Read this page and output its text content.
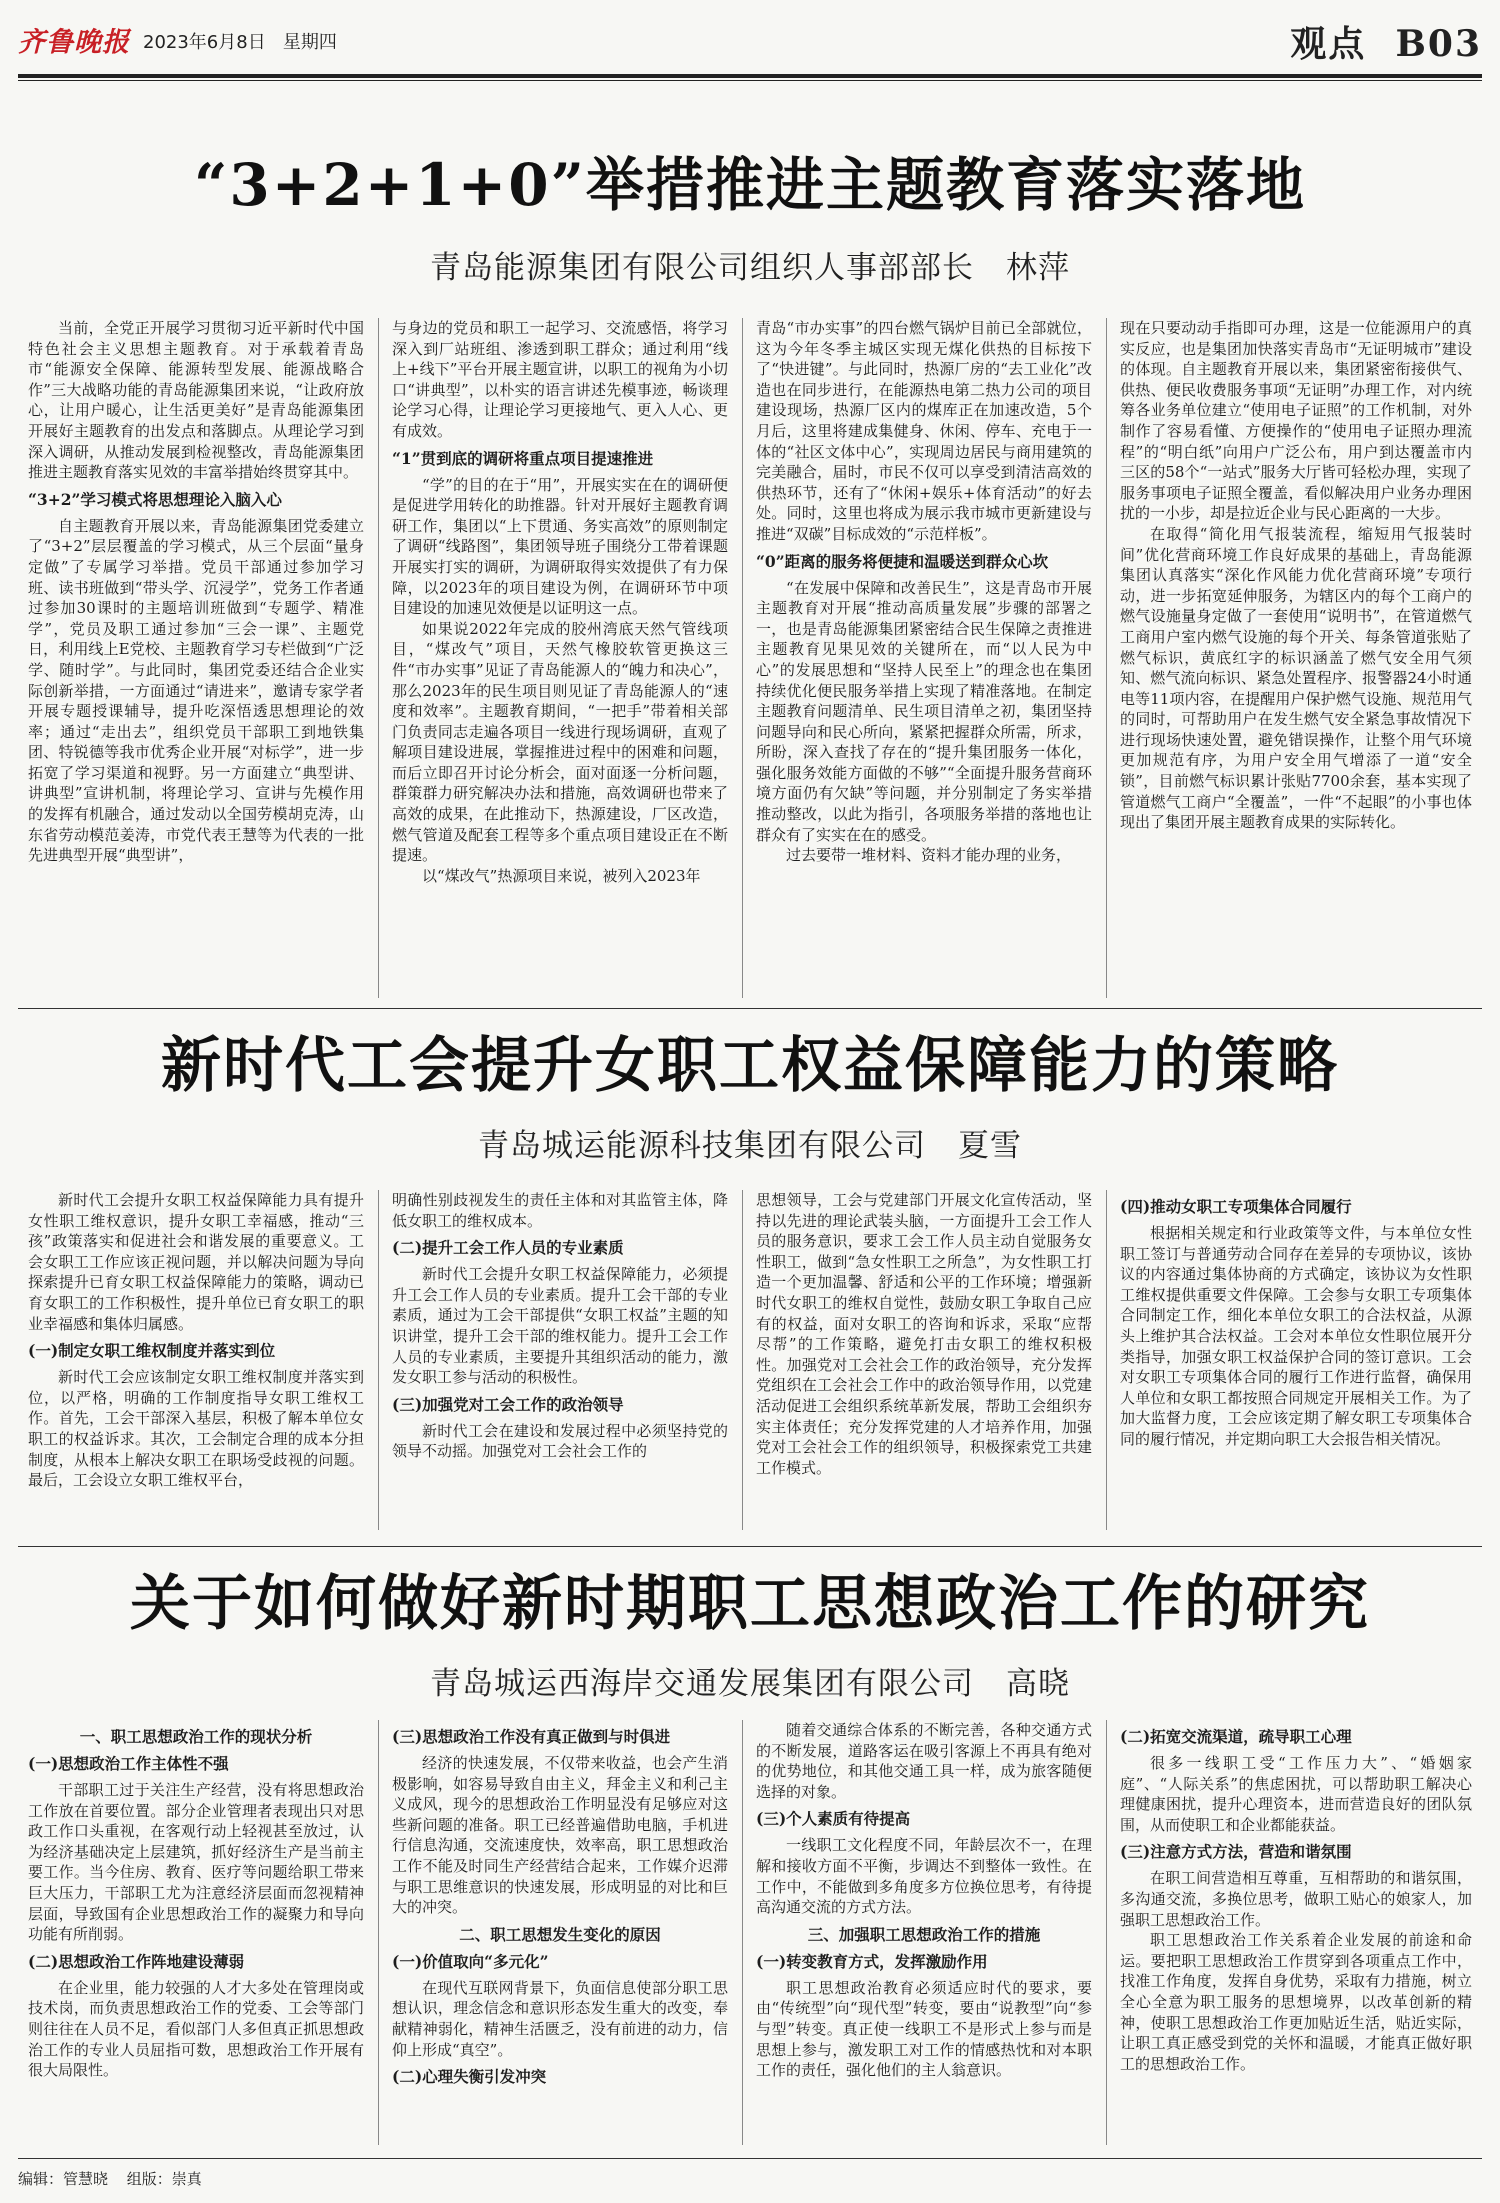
齐鲁晚报 2023年6月8日 星期四	观点 B03
“3+2+1+0”举措推进主题教育落实落地
青岛能源集团有限公司组织人事部部长　林萍

当前，全党正开展学习贯彻习近平新时代中国特色社会主义思想主题教育。对于承载着青岛市“能源安全保障、能源转型发展、能源战略合作”三大战略功能的青岛能源集团来说，“让政府放心，让用户暖心，让生活更美好”是青岛能源集团开展好主题教育的出发点和落脚点。从理论学习到深入调研，从推动发展到检视整改，青岛能源集团推进主题教育落实见效的丰富举措始终贯穿其中。

“3+2”学习模式将思想理论入脑入心

自主题教育开展以来，青岛能源集团党委建立了“3+2”层层覆盖的学习模式，从三个层面“量身定做”了专属学习举措。党员干部通过参加学习班、读书班做到“带头学、沉浸学”，党务工作者通过参加30课时的主题培训班做到“专题学、精准学”，党员及职工通过参加“三会一课”、主题党日，利用线上E党校、主题教育学习专栏做到“广泛学、随时学”。与此同时，集团党委还结合企业实际创新举措，一方面通过“请进来”，邀请专家学者开展专题授课辅导，提升吃深悟透思想理论的效率；通过“走出去”，组织党员干部职工到地铁集团、特锐德等我市优秀企业开展“对标学”，进一步拓宽了学习渠道和视野。另一方面建立“典型讲、讲典型”宣讲机制，将理论学习、宣讲与先模作用的发挥有机融合，通过发动以全国劳模胡克涛，山东省劳动模范姜涛，市党代表王慧等为代表的一批先进典型开展“典型讲”，

与身边的党员和职工一起学习、交流感悟，将学习深入到厂站班组、渗透到职工群众；通过利用“线上+线下”平台开展主题宣讲，以职工的视角为小切口“讲典型”，以朴实的语言讲述先模事迹，畅谈理论学习心得，让理论学习更接地气、更入人心、更有成效。

“1”贯到底的调研将重点项目提速推进

“学”的目的在于“用”，开展实实在在的调研便是促进学用转化的助推器。针对开展好主题教育调研工作，集团以“上下贯通、务实高效”的原则制定了调研“线路图”，集团领导班子围绕分工带着课题开展实打实的调研，为调研取得实效提供了有力保障，以2023年的项目建设为例，在调研环节中项目建设的加速见效便是以证明这一点。

如果说2022年完成的胶州湾底天然气管线项目，“煤改气”项目，天然气橡胶软管更换这三件“市办实事”见证了青岛能源人的“魄力和决心”，那么2023年的民生项目则见证了青岛能源人的“速度和效率”。主题教育期间，“一把手”带着相关部门负责同志走遍各项目一线进行现场调研，直观了解项目建设进展，掌握推进过程中的困难和问题，而后立即召开讨论分析会，面对面逐一分析问题，群策群力研究解决办法和措施，高效调研也带来了高效的成果，在此推动下，热源建设，厂区改造，燃气管道及配套工程等多个重点项目建设正在不断提速。

以“煤改气”热源项目来说，被列入2023年

青岛“市办实事”的四台燃气锅炉目前已全部就位，这为今年冬季主城区实现无煤化供热的目标按下了“快进键”。与此同时，热源厂房的“去工业化”改造也在同步进行，在能源热电第二热力公司的项目建设现场，热源厂区内的煤库正在加速改造，5个月后，这里将建成集健身、休闲、停车、充电于一体的“社区文体中心”，实现周边居民与商用建筑的完美融合，届时，市民不仅可以享受到清洁高效的供热环节，还有了“休闲+娱乐+体育活动”的好去处。同时，这里也将成为展示我市城市更新建设与推进“双碳”目标成效的“示范样板”。

“0”距离的服务将便捷和温暖送到群众心坎

“在发展中保障和改善民生”，这是青岛市开展主题教育对开展“推动高质量发展”步骤的部署之一，也是青岛能源集团紧密结合民生保障之责推进主题教育见果见效的关键所在，而“以人民为中心”的发展思想和“坚持人民至上”的理念也在集团持续优化便民服务举措上实现了精准落地。在制定主题教育问题清单、民生项目清单之初，集团坚持问题导向和民心所向，紧紧把握群众所需，所求，所盼，深入查找了存在的“提升集团服务一体化，强化服务效能方面做的不够”“全面提升服务营商环境方面仍有欠缺”等问题，并分别制定了务实举措推动整改，以此为指引，各项服务举措的落地也让群众有了实实在在的感受。

过去要带一堆材料、资料才能办理的业务，

现在只要动动手指即可办理，这是一位能源用户的真实反应，也是集团加快落实青岛市“无证明城市”建设的体现。自主题教育开展以来，集团紧密衔接供气、供热、便民收费服务事项“无证明”办理工作，对内统筹各业务单位建立“使用电子证照”的工作机制，对外制作了容易看懂、方便操作的“使用电子证照办理流程”的“明白纸”向用户广泛公布，用户到达覆盖市内三区的58个“一站式”服务大厅皆可轻松办理，实现了服务事项电子证照全覆盖，看似解决用户业务办理困扰的一小步，却是拉近企业与民心距离的一大步。

在取得“简化用气报装流程，缩短用气报装时间”优化营商环境工作良好成果的基础上，青岛能源集团认真落实“深化作风能力优化营商环境”专项行动，进一步拓宽延伸服务，为辖区内的每个工商户的燃气设施量身定做了一套使用“说明书”，在管道燃气工商用户室内燃气设施的每个开关、每条管道张贴了燃气标识，黄底红字的标识涵盖了燃气安全用气须知、燃气流向标识、紧急处置程序、报警器24小时通电等11项内容，在提醒用户保护燃气设施、规范用气的同时，可帮助用户在发生燃气安全紧急事故情况下进行现场快速处置，避免错误操作，让整个用气环境更加规范有序，为用户安全用气增添了一道“安全锁”，目前燃气标识累计张贴7700余套，基本实现了管道燃气工商户“全覆盖”，一件“不起眼”的小事也体现出了集团开展主题教育成果的实际转化。

新时代工会提升女职工权益保障能力的策略
青岛城运能源科技集团有限公司　夏雪

新时代工会提升女职工权益保障能力具有提升女性职工维权意识，提升女职工幸福感，推动“三孩”政策落实和促进社会和谐发展的重要意义。工会女职工工作应该正视问题，并以解决问题为导向探索提升已育女职工权益保障能力的策略，调动已育女职工的工作积极性，提升单位已育女职工的职业幸福感和集体归属感。

(一)制定女职工维权制度并落实到位

新时代工会应该制定女职工维权制度并落实到位，以严格，明确的工作制度指导女职工维权工作。首先，工会干部深入基层，积极了解本单位女职工的权益诉求。其次，工会制定合理的成本分担制度，从根本上解决女职工在职场受歧视的问题。最后，工会设立女职工维权平台，

明确性别歧视发生的责任主体和对其监管主体，降低女职工的维权成本。

(二)提升工会工作人员的专业素质

新时代工会提升女职工权益保障能力，必须提升工会工作人员的专业素质。提升工会干部的专业素质，通过为工会干部提供“女职工权益”主题的知识讲堂，提升工会干部的维权能力。提升工会工作人员的专业素质，主要提升其组织活动的能力，激发女职工参与活动的积极性。

(三)加强党对工会工作的政治领导

新时代工会在建设和发展过程中必须坚持党的领导不动摇。加强党对工会社会工作的

思想领导，工会与党建部门开展文化宣传活动，坚持以先进的理论武装头脑，一方面提升工会工作人员的服务意识，要求工会工作人员主动自觉服务女性职工，做到“急女性职工之所急”，为女性职工打造一个更加温馨、舒适和公平的工作环境；增强新时代女职工的维权自觉性，鼓励女职工争取自己应有的权益，面对女职工的咨询和诉求，采取“应帮尽帮”的工作策略，避免打击女职工的维权积极性。加强党对工会社会工作的政治领导，充分发挥党组织在工会社会工作中的政治领导作用，以党建活动促进工会组织系统革新发展，帮助工会组织夯实主体责任；充分发挥党建的人才培养作用，加强党对工会社会工作的组织领导，积极探索党工共建工作模式。

(四)推动女职工专项集体合同履行

根据相关规定和行业政策等文件，与本单位女性职工签订与普通劳动合同存在差异的专项协议，该协议的内容通过集体协商的方式确定，该协议为女性职工维权提供重要文件保障。工会参与女职工专项集体合同制定工作，细化本单位女职工的合法权益，从源头上维护其合法权益。工会对本单位女性职位展开分类指导，加强女职工权益保护合同的签订意识。工会对女职工专项集体合同的履行工作进行监督，确保用人单位和女职工都按照合同规定开展相关工作。为了加大监督力度，工会应该定期了解女职工专项集体合同的履行情况，并定期向职工大会报告相关情况。

关于如何做好新时期职工思想政治工作的研究
青岛城运西海岸交通发展集团有限公司　高晓
一、职工思想政治工作的现状分析
(一)思想政治工作主体性不强

干部职工过于关注生产经营，没有将思想政治工作放在首要位置。部分企业管理者表现出只对思政工作口头重视，在客观行动上轻视甚至放过，认为经济基础决定上层建筑，抓好经济生产是当前主要工作。当今住房、教育、医疗等问题给职工带来巨大压力，干部职工尤为注意经济层面而忽视精神层面，导致国有企业思想政治工作的凝聚力和导向功能有所削弱。

(二)思想政治工作阵地建设薄弱

在企业里，能力较强的人才大多处在管理岗或技术岗，而负责思想政治工作的党委、工会等部门则往往在人员不足，看似部门人多但真正抓思想政治工作的专业人员屈指可数，思想政治工作开展有很大局限性。

(三)思想政治工作没有真正做到与时俱进

经济的快速发展，不仅带来收益，也会产生消极影响，如容易导致自由主义，拜金主义和利己主义成风，现今的思想政治工作明显没有足够应对这些新问题的准备。职工已经普遍借助电脑，手机进行信息沟通，交流速度快，效率高，职工思想政治工作不能及时同生产经营结合起来，工作媒介迟滞与职工思维意识的快速发展，形成明显的对比和巨大的冲突。

二、职工思想发生变化的原因
(一)价值取向“多元化”

在现代互联网背景下，负面信息使部分职工思想认识，理念信念和意识形态发生重大的改变，奉献精神弱化，精神生活匮乏，没有前进的动力，信仰上形成“真空”。

(二)心理失衡引发冲突

随着交通综合体系的不断完善，各种交通方式的不断发展，道路客运在吸引客源上不再具有绝对的优势地位，和其他交通工具一样，成为旅客随便选择的对象。

(三)个人素质有待提高

一线职工文化程度不同，年龄层次不一，在理解和接收方面不平衡，步调达不到整体一致性。在工作中，不能做到多角度多方位换位思考，有待提高沟通交流的方式方法。

三、加强职工思想政治工作的措施
(一)转变教育方式，发挥激励作用

职工思想政治教育必须适应时代的要求，要由“传统型”向“现代型”转变，要由“说教型”向“参与型”转变。真正使一线职工不是形式上参与而是思想上参与，激发职工对工作的情感热忱和对本职工作的责任，强化他们的主人翁意识。

(二)拓宽交流渠道，疏导职工心理

很多一线职工受“工作压力大”、“婚姻家庭”、“人际关系”的焦虑困扰，可以帮助职工解决心理健康困扰，提升心理资本，进而营造良好的团队氛围，从而使职工和企业都能获益。

(三)注意方式方法，营造和谐氛围

在职工间营造相互尊重，互相帮助的和谐氛围，多沟通交流，多换位思考，做职工贴心的娘家人，加强职工思想政治工作。

职工思想政治工作关系着企业发展的前途和命运。要把职工思想政治工作贯穿到各项重点工作中，找准工作角度，发挥自身优势，采取有力措施，树立全心全意为职工服务的思想境界，以改革创新的精神，使职工思想政治工作更加贴近生活，贴近实际，让职工真正感受到党的关怀和温暖，才能真正做好职工的思想政治工作。

编辑：管慧晓 组版：崇真
